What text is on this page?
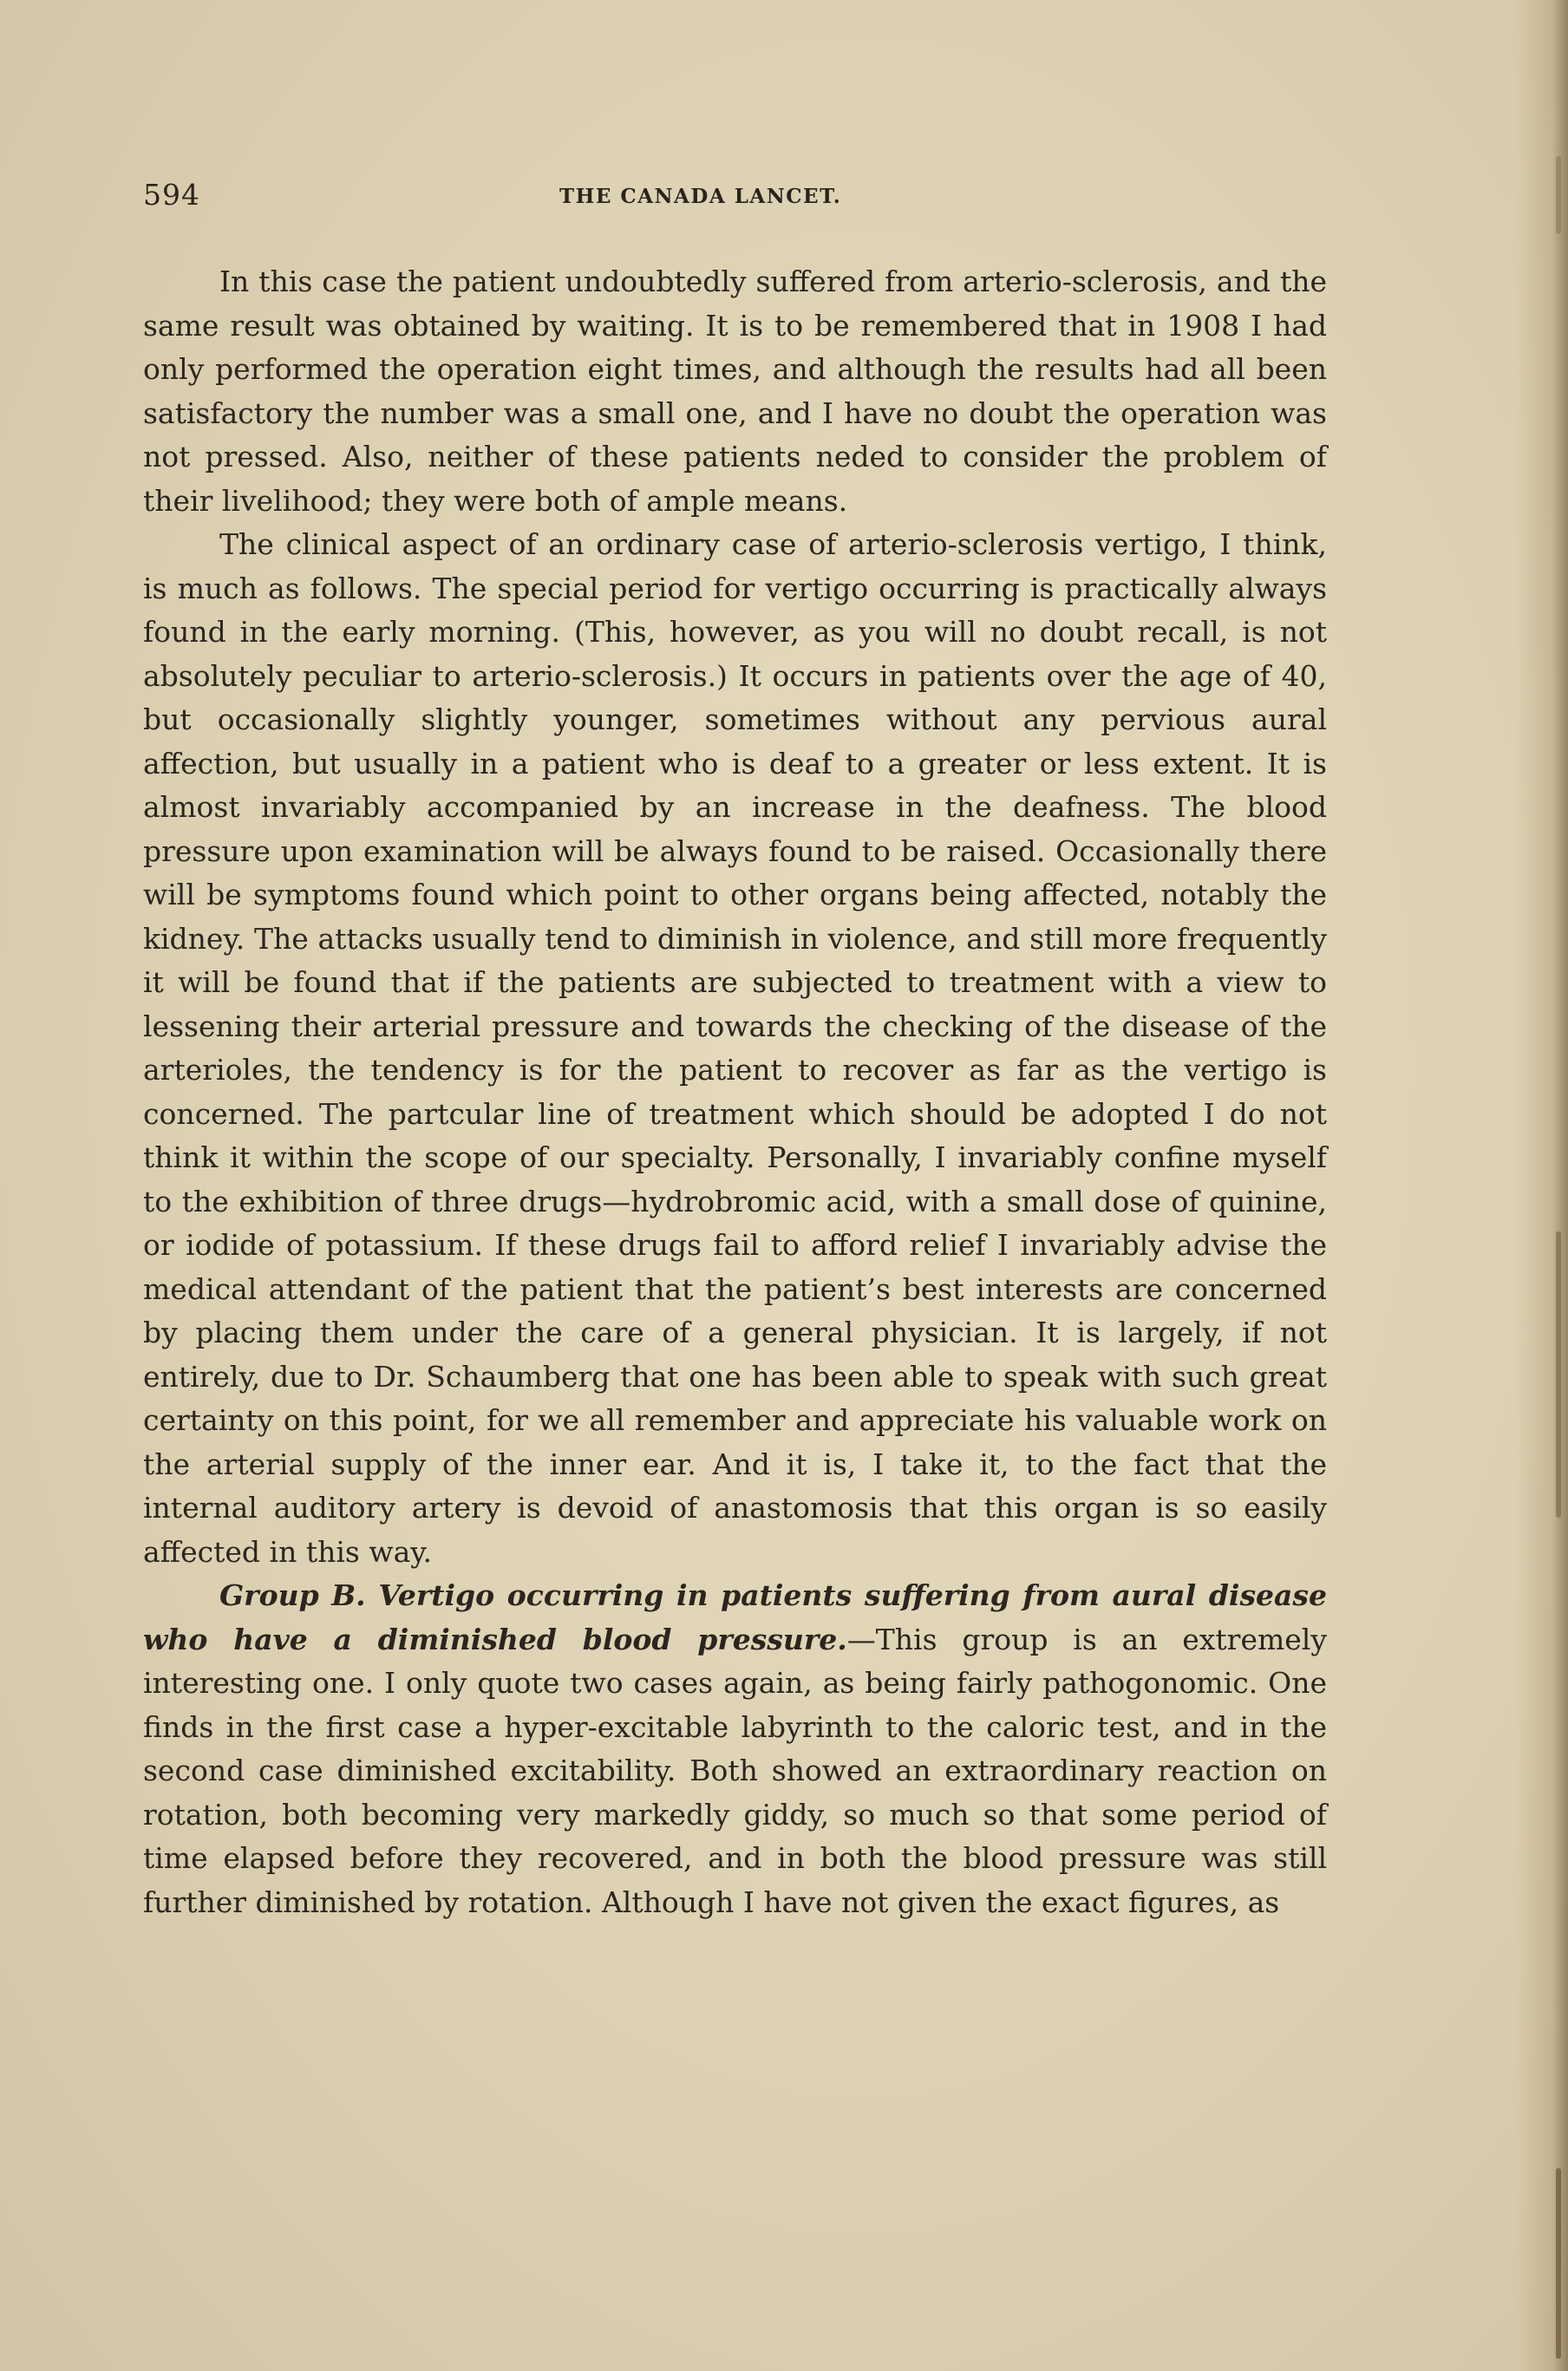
594	THE CANADA LANCET.

In this case the patient undoubtedly suffered from arterio-sclerosis, and the same result was obtained by waiting. It is to be remembered that in 1908 I had only performed the operation eight times, and although the results had all been satisfactory the number was a small one, and I have no doubt the operation was not pressed. Also, neither of these patients neded to consider the problem of their livelihood; they were both of ample means.

The clinical aspect of an ordinary case of arterio-sclerosis vertigo, I think, is much as follows. The special period for vertigo occurring is practically always found in the early morning. (This, however, as you will no doubt recall, is not absolutely peculiar to arterio-sclerosis.) It occurs in patients over the age of 40, but occasionally slightly younger, sometimes without any pervious aural affection, but usually in a patient who is deaf to a greater or less extent. It is almost invariably accompanied by an increase in the deafness. The blood pressure upon examination will be always found to be raised. Occasionally there will be symptoms found which point to other organs being affected, notably the kidney. The attacks usually tend to diminish in violence, and still more frequently it will be found that if the patients are subjected to treatment with a view to lessening their arterial pressure and towards the checking of the disease of the arterioles, the tendency is for the patient to recover as far as the vertigo is concerned. The partcular line of treatment which should be adopted I do not think it within the scope of our specialty. Personally, I invariably confine myself to the exhibition of three drugs—hydrobromic acid, with a small dose of quinine, or iodide of potassium. If these drugs fail to afford relief I invariably advise the medical attendant of the patient that the patient’s best interests are concerned by placing them under the care of a general physician. It is largely, if not entirely, due to Dr. Schaumberg that one has been able to speak with such great certainty on this point, for we all remember and appreciate his valuable work on the arterial supply of the inner ear. And it is, I take it, to the fact that the internal auditory artery is devoid of anastomosis that this organ is so easily affected in this way.

Group B. Vertigo occurring in patients suffering from aural disease who have a diminished blood pressure.—This group is an extremely interesting one. I only quote two cases again, as being fairly pathogonomic. One finds in the first case a hyper-excitable labyrinth to the caloric test, and in the second case diminished excitability. Both showed an extraordinary reaction on rotation, both becoming very markedly giddy, so much so that some period of time elapsed before they recovered, and in both the blood pressure was still further diminished by rotation. Although I have not given the exact figures, as
